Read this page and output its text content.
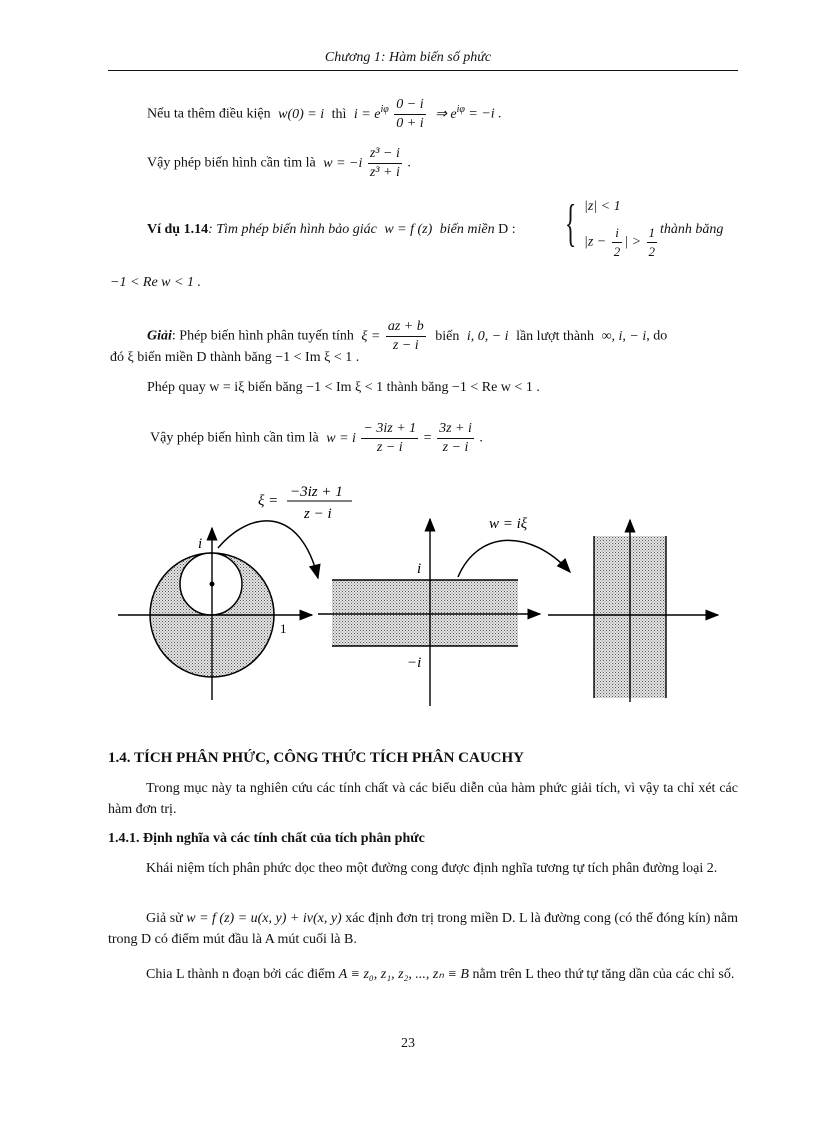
Chương 1: Hàm biến số phức
Nếu ta thêm điều kiện w(0) = i thì $i = e^{i\varphi} \frac{0 - i}{0 + i}$ ⇒ $e^{i\varphi} = -i$ .
Vậy phép biến hình cần tìm là $w = -i \frac{\text{z³ − i}}{\text{z³ + i}}$ .
Ví dụ 1.14: Tìm phép biến hình bảo giác w = f (z) biến miền D : { |z| < 1
$|z - \frac{i}{2}$ | > $\frac{1}{2}$ thành băng
−1 < Re w < 1 .
Giải: Phép biến hình phân tuyến tính $\xi = \frac{az + b}{z - i}$ biến i, 0, − i lần lượt thành ∞, i, − i, do
đó ξ biến miền D thành băng −1 < Im ξ < 1 .
Phép quay w = iξ biến băng −1 < Im ξ < 1 thành băng −1 < Re w < 1 .
Vậy phép biến hình cần tìm là w = i $\frac{- 3iz + 1}{z - i} = \frac{3z + i}{z - i}$ .
i
1
ξ =
−3iz + 1
z − i
i
−i
w = iξ
1.4. TÍCH PHÂN PHỨC, CÔNG THỨC TÍCH PHÂN CAUCHY
Trong mục này ta nghiên cứu các tính chất và các biểu diễn của hàm phức giải tích, vì vậy ta chỉ xét các hàm đơn trị.
1.4.1. Định nghĩa và các tính chất của tích phân phức
Khái niệm tích phân phức dọc theo một đường cong được định nghĩa tương tự tích phân đường loại 2.
Giả sử w = f (z) = u(x, y) + iv(x, y) xác định đơn trị trong miền D. L là đường cong (có thể đóng kín) nằm trong D có điểm mút đầu là A mút cuối là B.
Chia L thành n đoạn bởi các điểm A ≡ z₀, z₁, z₂, ..., zₙ ≡ B nằm trên L theo thứ tự tăng dần của các chỉ số.
23
